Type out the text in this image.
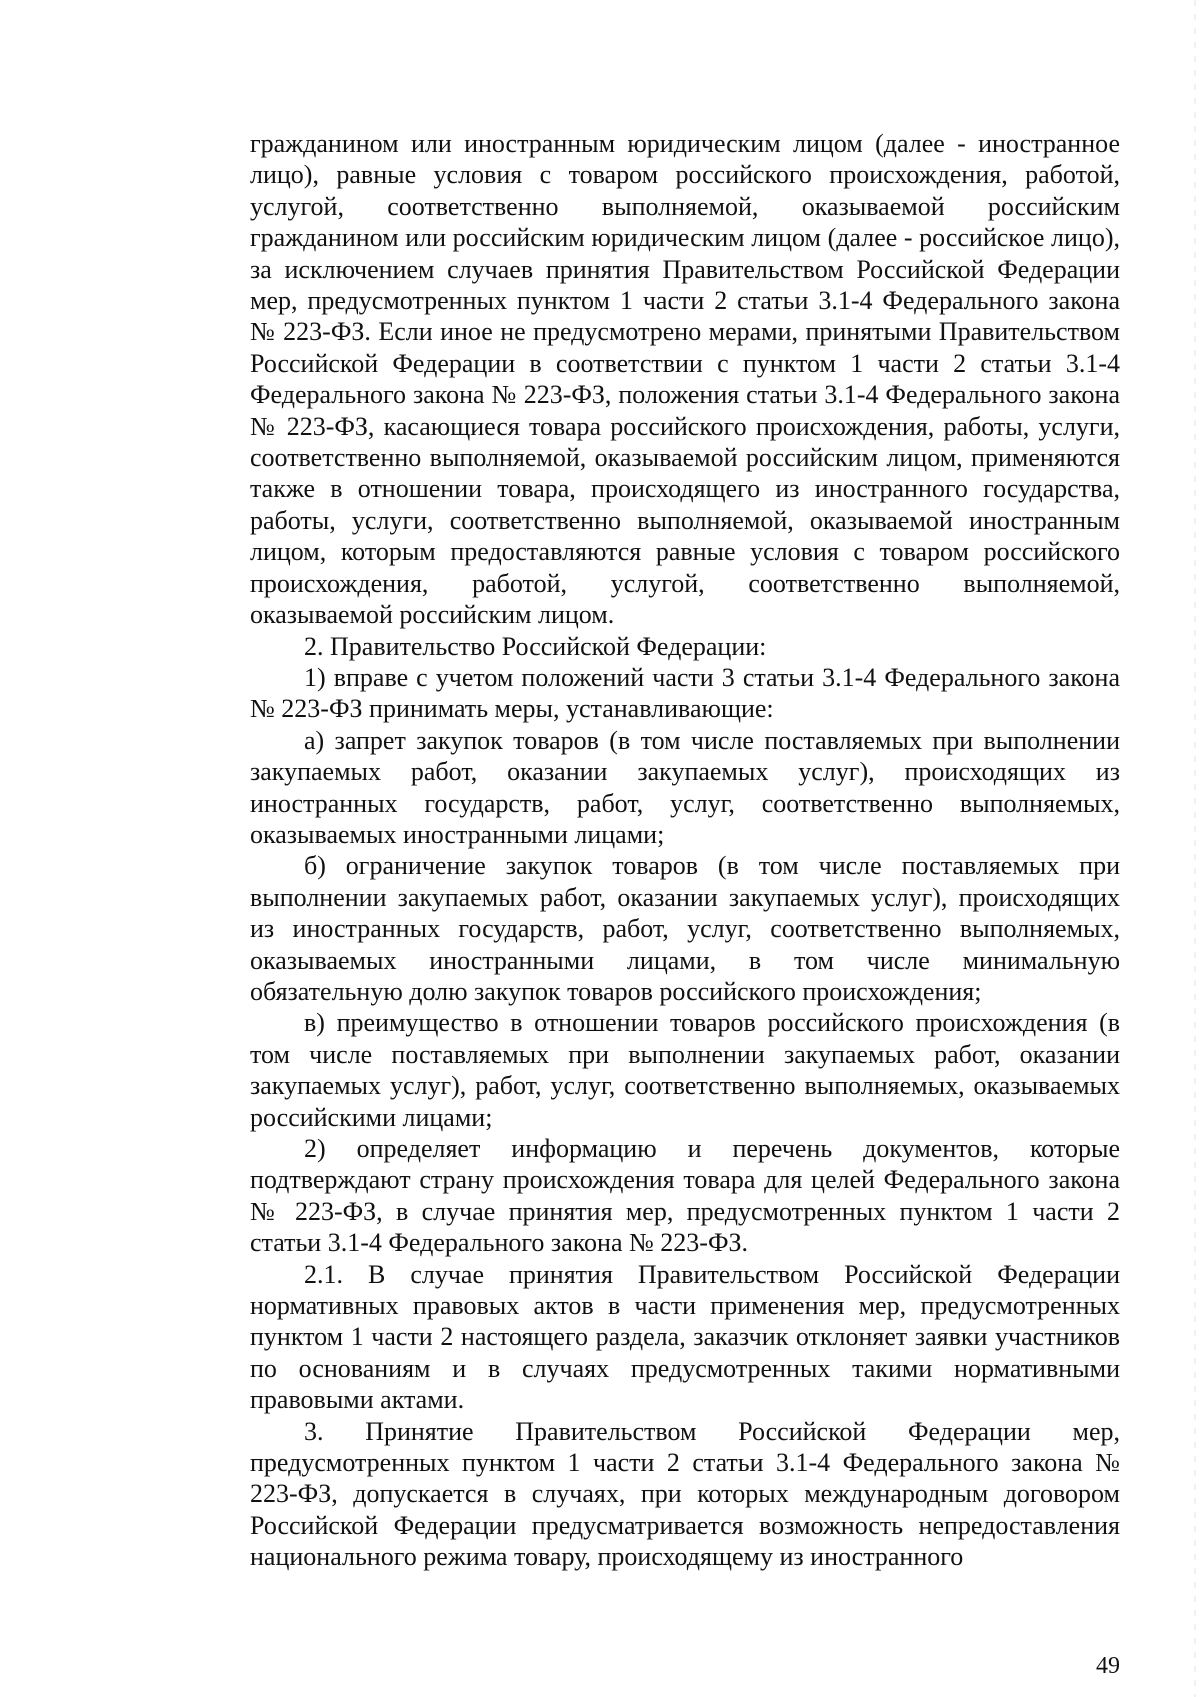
гражданином или иностранным юридическим лицом (далее - иностранное лицо), равные условия с товаром российского происхождения, работой, услугой, соответственно выполняемой, оказываемой российским гражданином или российским юридическим лицом (далее - российское лицо), за исключением случаев принятия Правительством Российской Федерации мер, предусмотренных пунктом 1 части 2 статьи 3.1-4 Федерального закона № 223-ФЗ. Если иное не предусмотрено мерами, принятыми Правительством Российской Федерации в соответствии с пунктом 1 части 2 статьи 3.1-4 Федерального закона № 223-ФЗ, положения статьи 3.1-4 Федерального закона № 223-ФЗ, касающиеся товара российского происхождения, работы, услуги, соответственно выполняемой, оказываемой российским лицом, применяются также в отношении товара, происходящего из иностранного государства, работы, услуги, соответственно выполняемой, оказываемой иностранным лицом, которым предоставляются равные условия с товаром российского происхождения, работой, услугой, соответственно выполняемой, оказываемой российским лицом.

2. Правительство Российской Федерации:

1) вправе с учетом положений части 3 статьи 3.1-4 Федерального закона № 223-ФЗ принимать меры, устанавливающие:

а) запрет закупок товаров (в том числе поставляемых при выполнении закупаемых работ, оказании закупаемых услуг), происходящих из иностранных государств, работ, услуг, соответственно выполняемых, оказываемых иностранными лицами;

б) ограничение закупок товаров (в том числе поставляемых при выполнении закупаемых работ, оказании закупаемых услуг), происходящих из иностранных государств, работ, услуг, соответственно выполняемых, оказываемых иностранными лицами, в том числе минимальную обязательную долю закупок товаров российского происхождения;

в) преимущество в отношении товаров российского происхождения (в том числе поставляемых при выполнении закупаемых работ, оказании закупаемых услуг), работ, услуг, соответственно выполняемых, оказываемых российскими лицами;

2) определяет информацию и перечень документов, которые подтверждают страну происхождения товара для целей Федерального закона № 223-ФЗ, в случае принятия мер, предусмотренных пунктом 1 части 2 статьи 3.1-4 Федерального закона № 223-ФЗ.

2.1. В случае принятия Правительством Российской Федерации нормативных правовых актов в части применения мер, предусмотренных пунктом 1 части 2 настоящего раздела, заказчик отклоняет заявки участников по основаниям и в случаях предусмотренных такими нормативными правовыми актами.

3. Принятие Правительством Российской Федерации мер, предусмотренных пунктом 1 части 2 статьи 3.1-4 Федерального закона № 223-ФЗ, допускается в случаях, при которых международным договором Российской Федерации предусматривается возможность непредоставления национального режима товару, происходящему из иностранного

49
